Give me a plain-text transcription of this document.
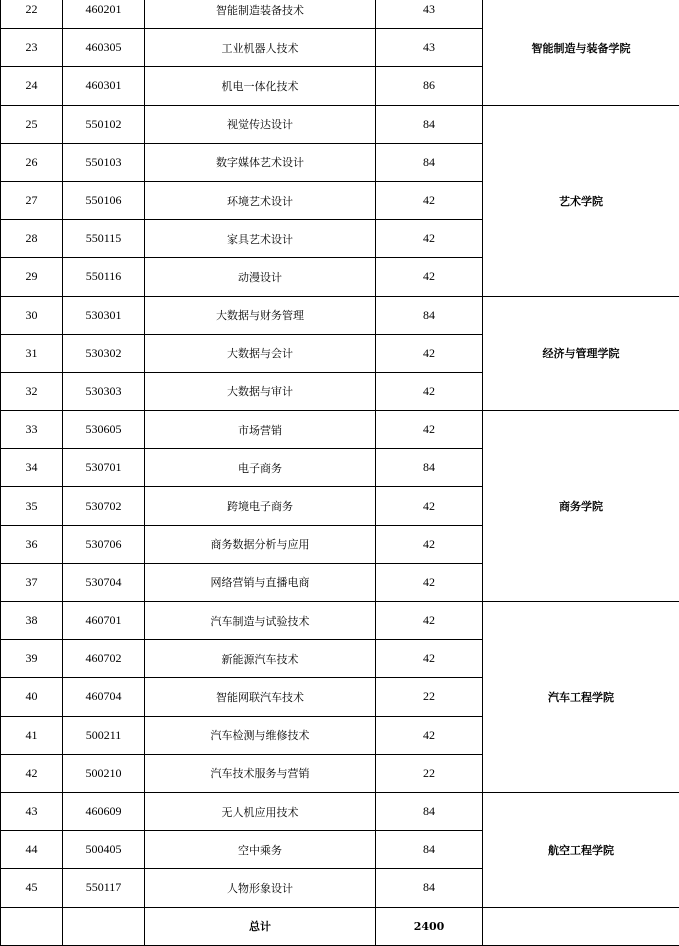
22	460201	智能制造装备技术	43	智能制造与装备学院
23	460305	工业机器人技术	43	
24	460301	机电一体化技术	86	
25	550102	视觉传达设计	84	艺术学院
26	550103	数字媒体艺术设计	84	
27	550106	环境艺术设计	42	
28	550115	家具艺术设计	42	
29	550116	动漫设计	42	
30	530301	大数据与财务管理	84	经济与管理学院
31	530302	大数据与会计	42	
32	530303	大数据与审计	42	
33	530605	市场营销	42	商务学院
34	530701	电子商务	84	
35	530702	跨境电子商务	42	
36	530706	商务数据分析与应用	42	
37	530704	网络营销与直播电商	42	
38	460701	汽车制造与试验技术	42	汽车工程学院
39	460702	新能源汽车技术	42	
40	460704	智能网联汽车技术	22	
41	500211	汽车检测与维修技术	42	
42	500210	汽车技术服务与营销	22	
43	460609	无人机应用技术	84	航空工程学院
44	500405	空中乘务	84	
45	550117	人物形象设计	84	
		总计	2400	
